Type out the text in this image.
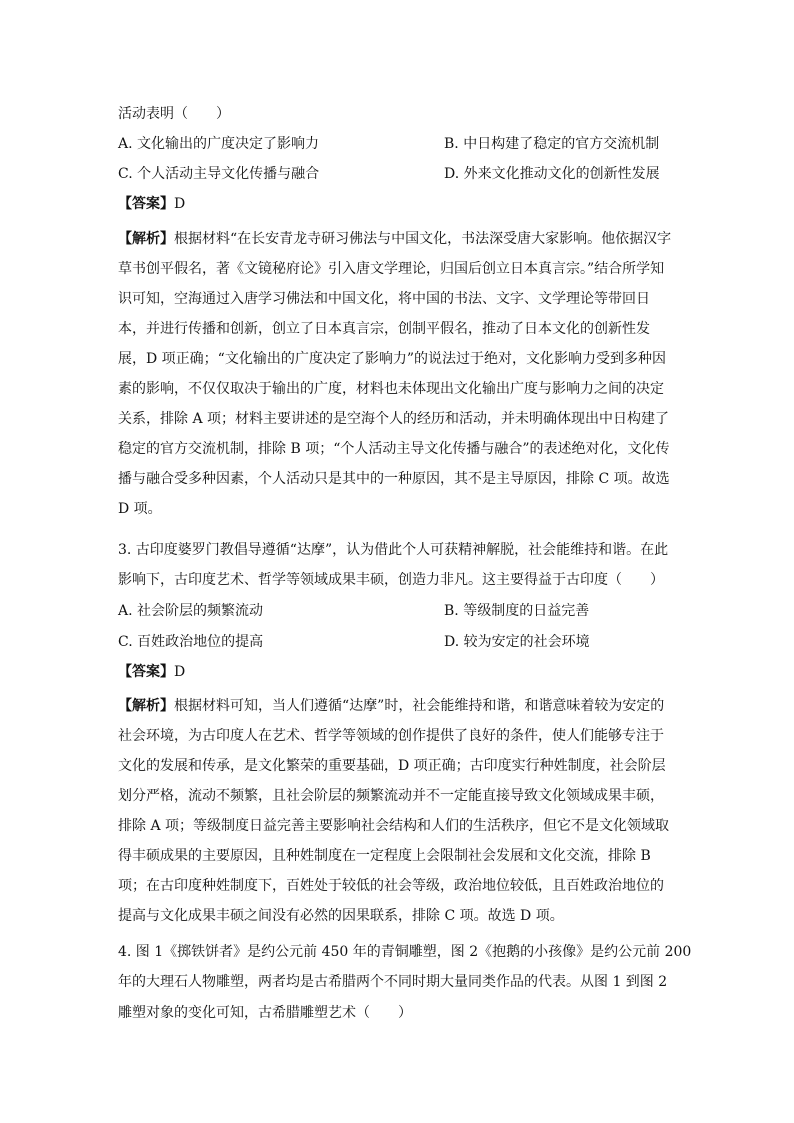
活动表明（　　）
A. 文化输出的广度决定了影响力	B. 中日构建了稳定的官方交流机制
C. 个人活动主导文化传播与融合	D. 外来文化推动文化的创新性发展
【答案】D
【解析】根据材料“在长安青龙寺研习佛法与中国文化，书法深受唐大家影响。他依据汉字
草书创平假名，著《文镜秘府论》引入唐文学理论，归国后创立日本真言宗。”结合所学知
识可知，空海通过入唐学习佛法和中国文化，将中国的书法、文字、文学理论等带回日
本，并进行传播和创新，创立了日本真言宗，创制平假名，推动了日本文化的创新性发
展，D 项正确；“文化输出的广度决定了影响力”的说法过于绝对，文化影响力受到多种因
素的影响，不仅仅取决于输出的广度，材料也未体现出文化输出广度与影响力之间的决定
关系，排除 A 项；材料主要讲述的是空海个人的经历和活动，并未明确体现出中日构建了
稳定的官方交流机制，排除 B 项；“个人活动主导文化传播与融合”的表述绝对化，文化传
播与融合受多种因素，个人活动只是其中的一种原因，其不是主导原因，排除 C 项。故选
D 项。
3. 古印度婆罗门教倡导遵循“达摩”，认为借此个人可获精神解脱，社会能维持和谐。在此
影响下，古印度艺术、哲学等领域成果丰硕，创造力非凡。这主要得益于古印度（　　）
A. 社会阶层的频繁流动	B. 等级制度的日益完善
C. 百姓政治地位的提高	D. 较为安定的社会环境
【答案】D
【解析】根据材料可知，当人们遵循“达摩”时，社会能维持和谐，和谐意味着较为安定的
社会环境，为古印度人在艺术、哲学等领域的创作提供了良好的条件，使人们能够专注于
文化的发展和传承，是文化繁荣的重要基础，D 项正确；古印度实行种姓制度，社会阶层
划分严格，流动不频繁，且社会阶层的频繁流动并不一定能直接导致文化领域成果丰硕，
排除 A 项；等级制度日益完善主要影响社会结构和人们的生活秩序，但它不是文化领域取
得丰硕成果的主要原因，且种姓制度在一定程度上会限制社会发展和文化交流，排除 B
项；在古印度种姓制度下，百姓处于较低的社会等级，政治地位较低，且百姓政治地位的
提高与文化成果丰硕之间没有必然的因果联系，排除 C 项。故选 D 项。
4. 图 1《掷铁饼者》是约公元前 450 年的青铜雕塑，图 2《抱鹅的小孩像》是约公元前 200
年的大理石人物雕塑，两者均是古希腊两个不同时期大量同类作品的代表。从图 1 到图 2
雕塑对象的变化可知，古希腊雕塑艺术（　　）
